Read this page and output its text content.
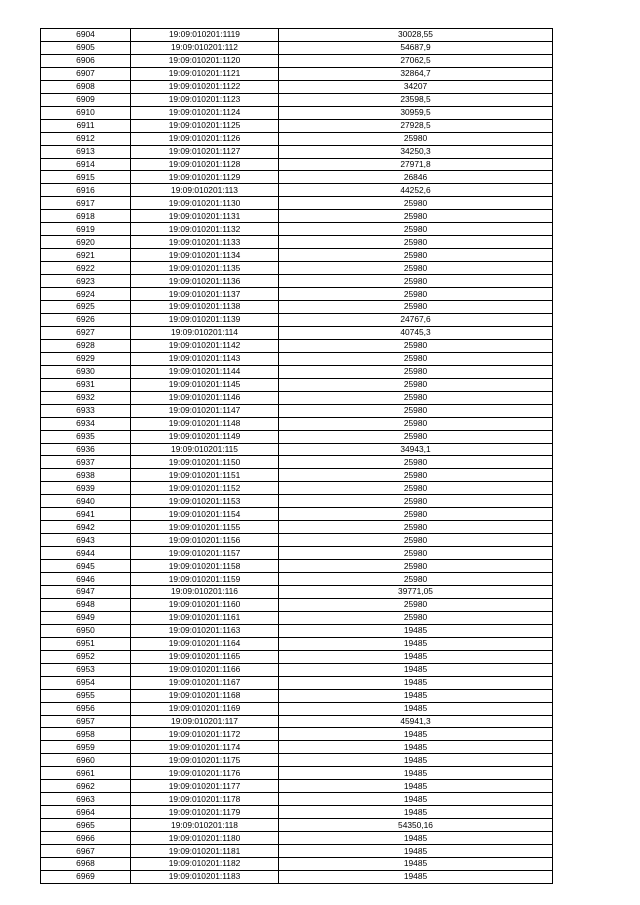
6904	19:09:010201:1119	30028,55
6905	19:09:010201:112	54687,9
6906	19:09:010201:1120	27062,5
6907	19:09:010201:1121	32864,7
6908	19:09:010201:1122	34207
6909	19:09:010201:1123	23598,5
6910	19:09:010201:1124	30959,5
6911	19:09:010201:1125	27928,5
6912	19:09:010201:1126	25980
6913	19:09:010201:1127	34250,3
6914	19:09:010201:1128	27971,8
6915	19:09:010201:1129	26846
6916	19:09:010201:113	44252,6
6917	19:09:010201:1130	25980
6918	19:09:010201:1131	25980
6919	19:09:010201:1132	25980
6920	19:09:010201:1133	25980
6921	19:09:010201:1134	25980
6922	19:09:010201:1135	25980
6923	19:09:010201:1136	25980
6924	19:09:010201:1137	25980
6925	19:09:010201:1138	25980
6926	19:09:010201:1139	24767,6
6927	19:09:010201:114	40745,3
6928	19:09:010201:1142	25980
6929	19:09:010201:1143	25980
6930	19:09:010201:1144	25980
6931	19:09:010201:1145	25980
6932	19:09:010201:1146	25980
6933	19:09:010201:1147	25980
6934	19:09:010201:1148	25980
6935	19:09:010201:1149	25980
6936	19:09:010201:115	34943,1
6937	19:09:010201:1150	25980
6938	19:09:010201:1151	25980
6939	19:09:010201:1152	25980
6940	19:09:010201:1153	25980
6941	19:09:010201:1154	25980
6942	19:09:010201:1155	25980
6943	19:09:010201:1156	25980
6944	19:09:010201:1157	25980
6945	19:09:010201:1158	25980
6946	19:09:010201:1159	25980
6947	19:09:010201:116	39771,05
6948	19:09:010201:1160	25980
6949	19:09:010201:1161	25980
6950	19:09:010201:1163	19485
6951	19:09:010201:1164	19485
6952	19:09:010201:1165	19485
6953	19:09:010201:1166	19485
6954	19:09:010201:1167	19485
6955	19:09:010201:1168	19485
6956	19:09:010201:1169	19485
6957	19:09:010201:117	45941,3
6958	19:09:010201:1172	19485
6959	19:09:010201:1174	19485
6960	19:09:010201:1175	19485
6961	19:09:010201:1176	19485
6962	19:09:010201:1177	19485
6963	19:09:010201:1178	19485
6964	19:09:010201:1179	19485
6965	19:09:010201:118	54350,16
6966	19:09:010201:1180	19485
6967	19:09:010201:1181	19485
6968	19:09:010201:1182	19485
6969	19:09:010201:1183	19485
